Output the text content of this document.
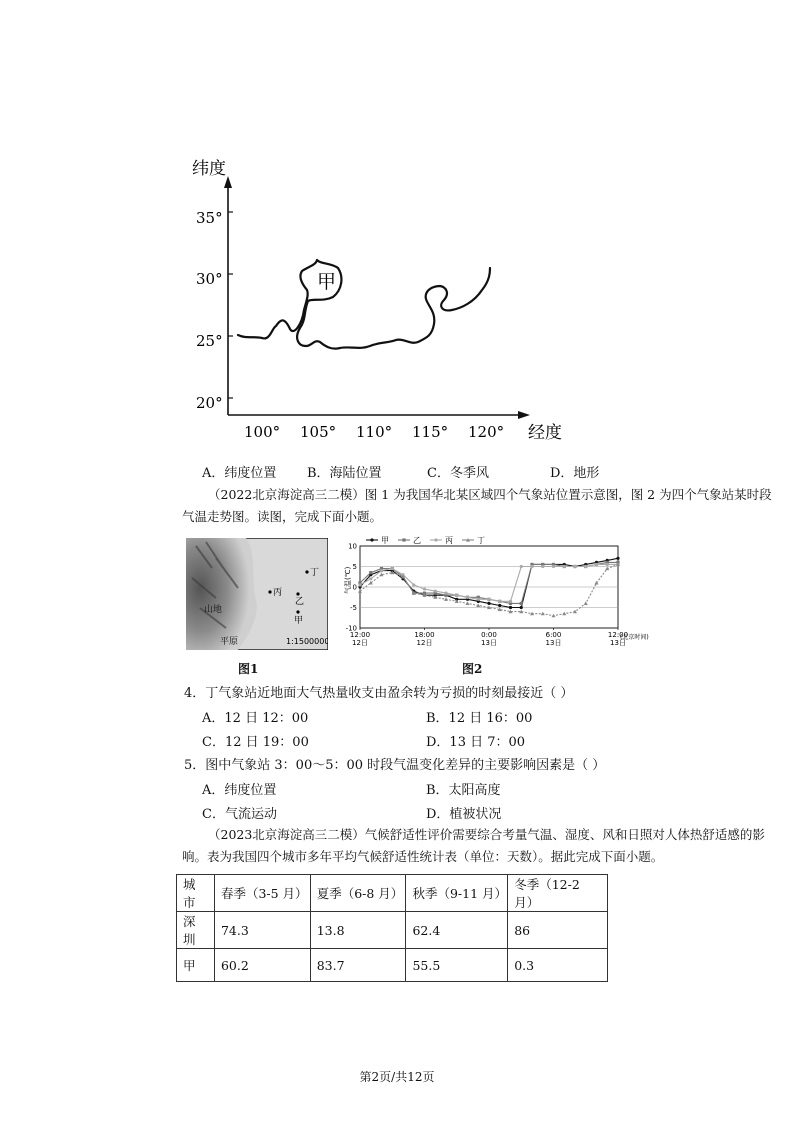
纬度
经度
35°
30°
25°
20°
100° 105° 110° 115° 120°
甲
A．纬度位置 B．海陆位置	C．冬季风	D．地形
（2022北京海淀高三二模）图 1 为我国华北某区域四个气象站位置示意图，图 2 为四个气象站某时段
气温走势图。读图，完成下面小题。
丁
丙
乙
甲
山地
平原	1:1500000
图1
10
5
0
-5
-10
12:00
12日
18:00
12日
0:00
13日
6:00
13日
12:00
13日
甲	乙	丙	丁
气温(℃)
(北京时间)
图2
4．丁气象站近地面大气热量收支由盈余转为亏损的时刻最接近（ ）
A．12 日 12：00	B．12 日 16：00
C．12 日 19：00	D．13 日 7：00
5．图中气象站 3：00～5：00 时段气温变化差异的主要影响因素是（ ）
A．纬度位置	B．太阳高度
C．气流运动	D．植被状况
（2023北京海淀高三二模）气候舒适性评价需要综合考量气温、湿度、风和日照对人体热舒适感的影
响。表为我国四个城市多年平均气候舒适性统计表（单位：天数）。据此完成下面小题。
城市	春季（3-5 月）	夏季（6-8 月）	秋季（9-11 月）	冬季（12-2 月）
深圳	74.3	13.8	62.4	86
甲	60.2	83.7	55.5	0.3
第2页/共12页
